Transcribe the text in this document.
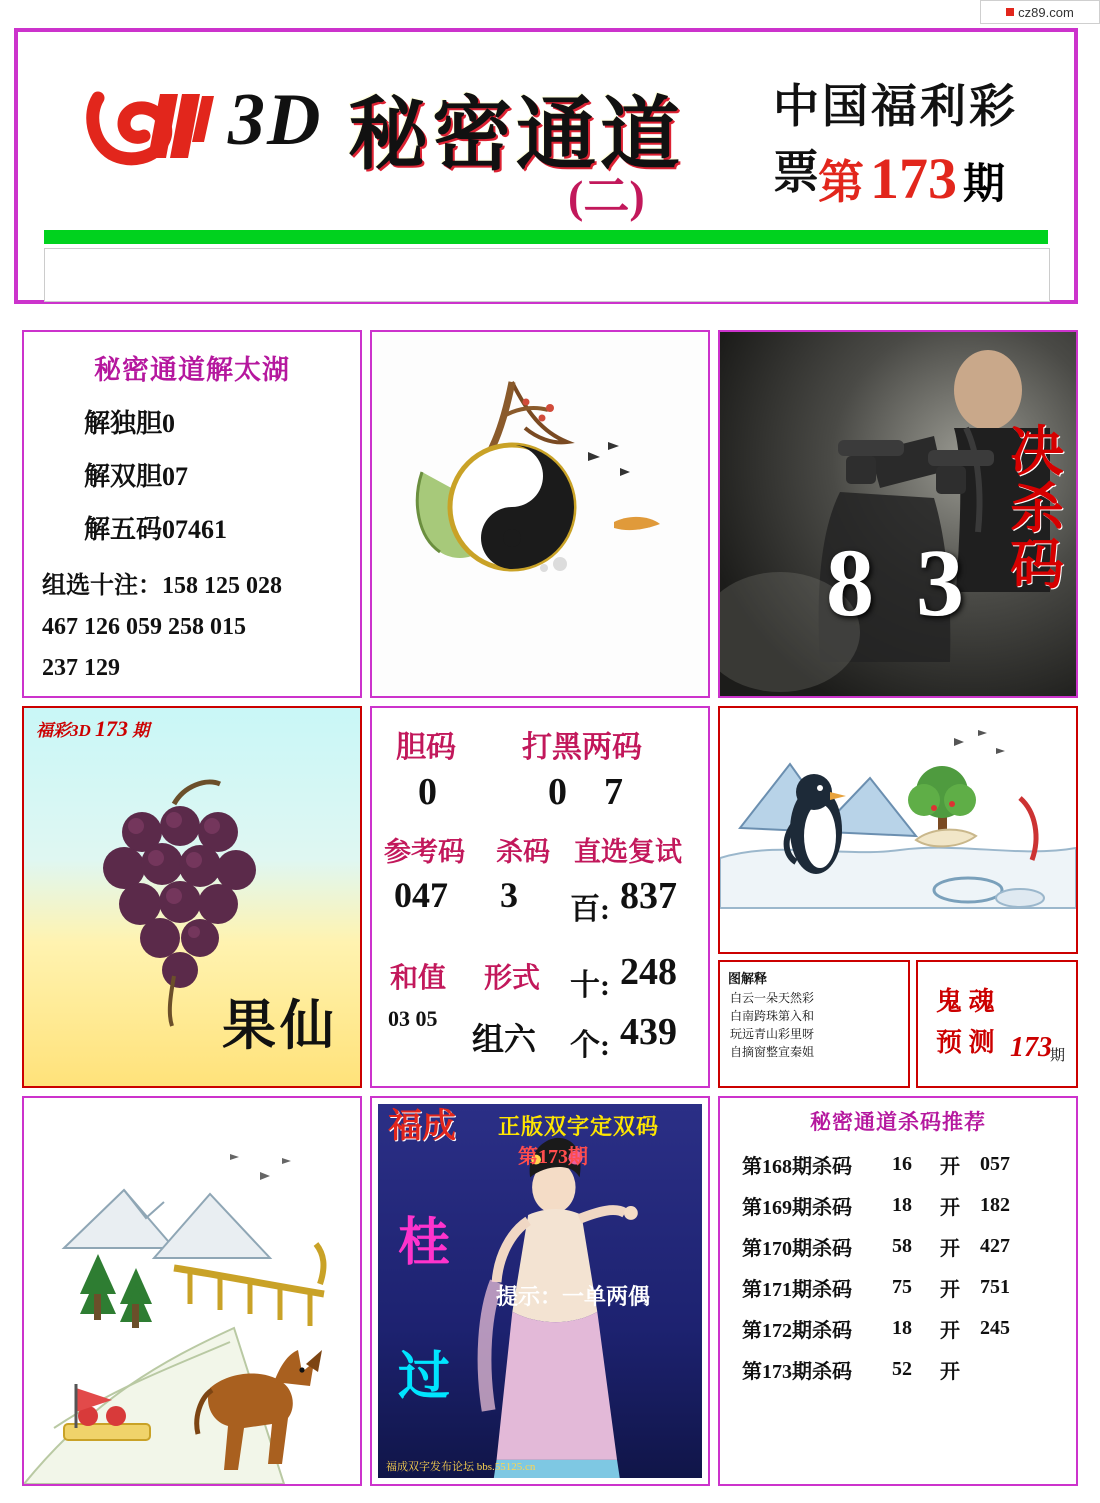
cz89.com
3D 秘密通道
(二)
中国福利彩票
第 173 期
秘密通道解太湖
解独胆0
解双胆07
解五码07461
组选十注：158 125 028
467 126 059 258 015
237 129
8 3
决杀码
福彩3D 173 期
果仙
胆码 打黑两码
0	0 7
参考码 杀码 直选复试
047 3 百: 837
和值 形式 十: 248
03 05
组六 个: 439
图解释
白云一朵天然彩
白南跨珠第入和
玩远青山彩里呀
自摘窗整宣秦姐
鬼 魂
预 测 173
期
福成 正版双字定双码
第173期
桂
过
提示：一单两偶
福成双字发布论坛 bbs.55125.cn
秘密通道杀码推荐
第168期杀码	16	开	057
第169期杀码	18	开	182
第170期杀码	58	开	427
第171期杀码	75	开	751
第172期杀码	18	开	245
第173期杀码	52	开
